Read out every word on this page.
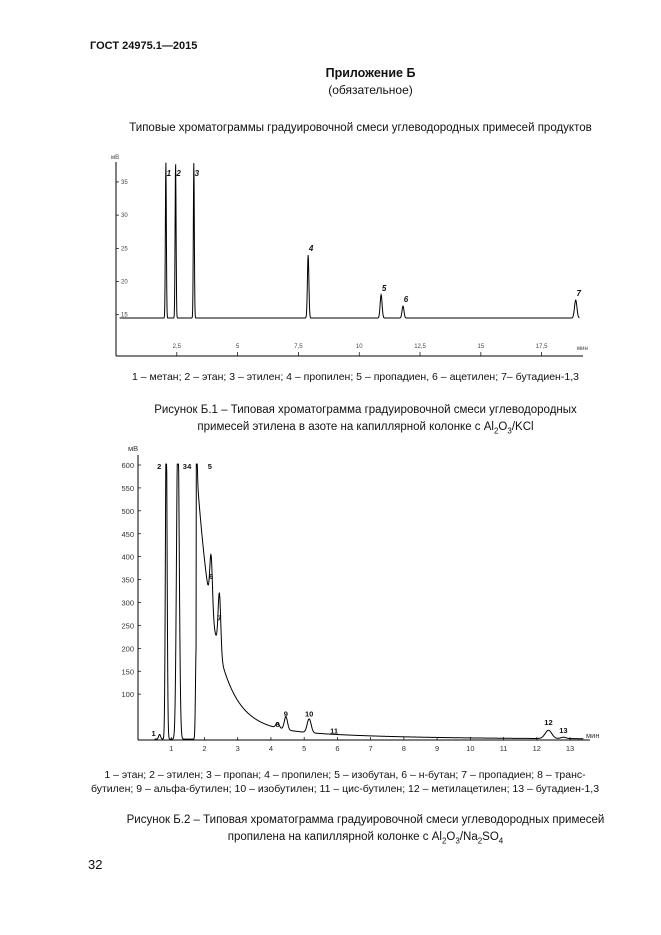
ГОСТ 24975.1—2015
Приложение Б
(обязательное)
Типовые хроматограммы градуировочной смеси углеводородных примесей продуктов
2,5	5	7,5	10	12,5	15	17,5
15
20
25
30
35
1 2 3
4
5
6
7
мВ
мин
1 – метан; 2 – этан; 3 – этилен; 4 – пропилен; 5 – пропадиен, 6 – ацетилен; 7– бутадиен-1,3
Рисунок Б.1 – Типовая хроматограмма градуировочной смеси углеводородных
примесей этилена в азоте на капиллярной колонке с $Al_2O_3$/KCl
1	2	3	4	5	6	7	8	9	10	11	12	13
100
150
200
250
300
350
400
450
500
550
600
1
2	3 4 5
6
7
8
9 10
11
12
13
мВ
мин
1 – этан; 2 – этилен; 3 – пропан; 4 – пропилен; 5 – изобутан, 6 – н-бутан; 7 – пропадиен; 8 – транс-
бутилен; 9 – альфа-бутилен; 10 – изобутилен; 11 – цис-бутилен; 12 – метилацетилен; 13 – бутадиен-1,3
Рисунок Б.2 – Типовая хроматограмма градуировочной смеси углеводородных примесей
пропилена на капиллярной колонке с $Al_2O_3/Na_2SO_4$
32
